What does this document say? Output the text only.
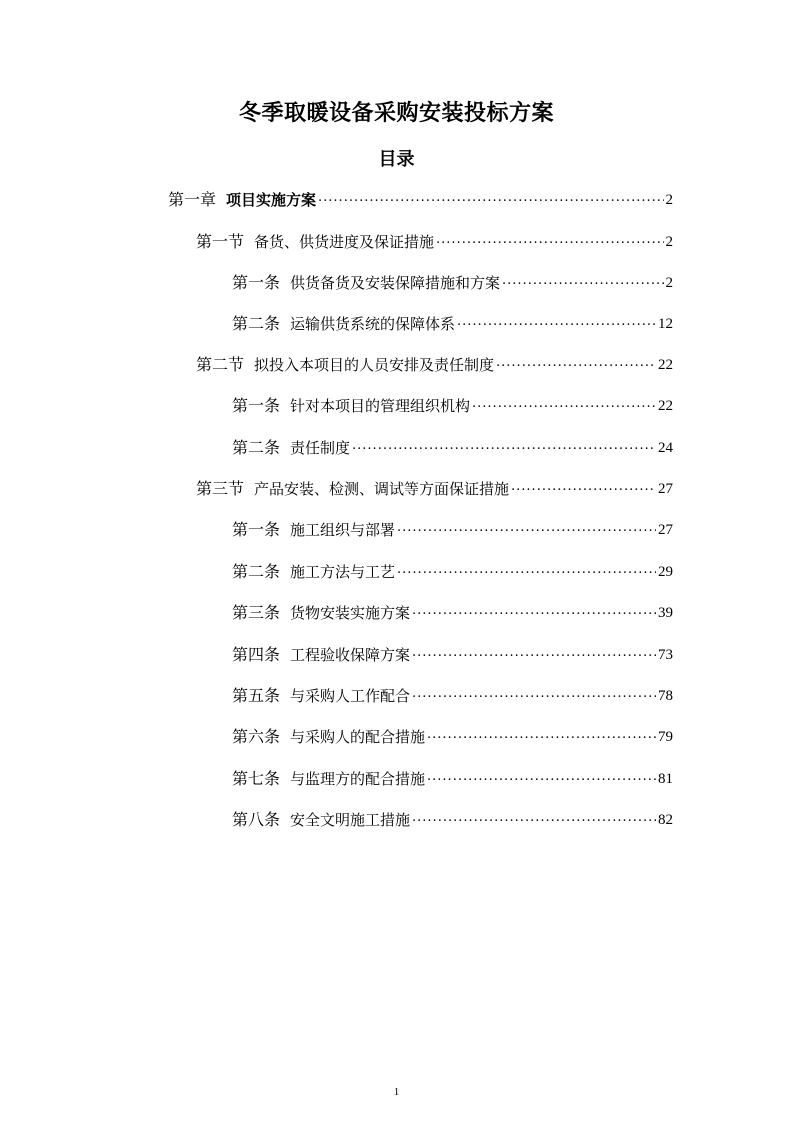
冬季取暖设备采购安装投标方案
目录
第一章 项目实施方案 .....	2
第一节 备货、供货进度及保证措施 .....	2
第一条 供货备货及安装保障措施和方案 .....	2
第二条 运输供货系统的保障体系 .....	12
第二节 拟投入本项目的人员安排及责任制度 .....	22
第一条 针对本项目的管理组织机构 .....	22
第二条 责任制度 .....	24
第三节 产品安装、检测、调试等方面保证措施 .....	27
第一条 施工组织与部署 .....	27
第二条 施工方法与工艺 .....	29
第三条 货物安装实施方案 .....	39
第四条 工程验收保障方案 .....	73
第五条 与采购人工作配合 .....	78
第六条 与采购人的配合措施 .....	79
第七条 与监理方的配合措施 .....	81
第八条 安全文明施工措施 .....	82
1
